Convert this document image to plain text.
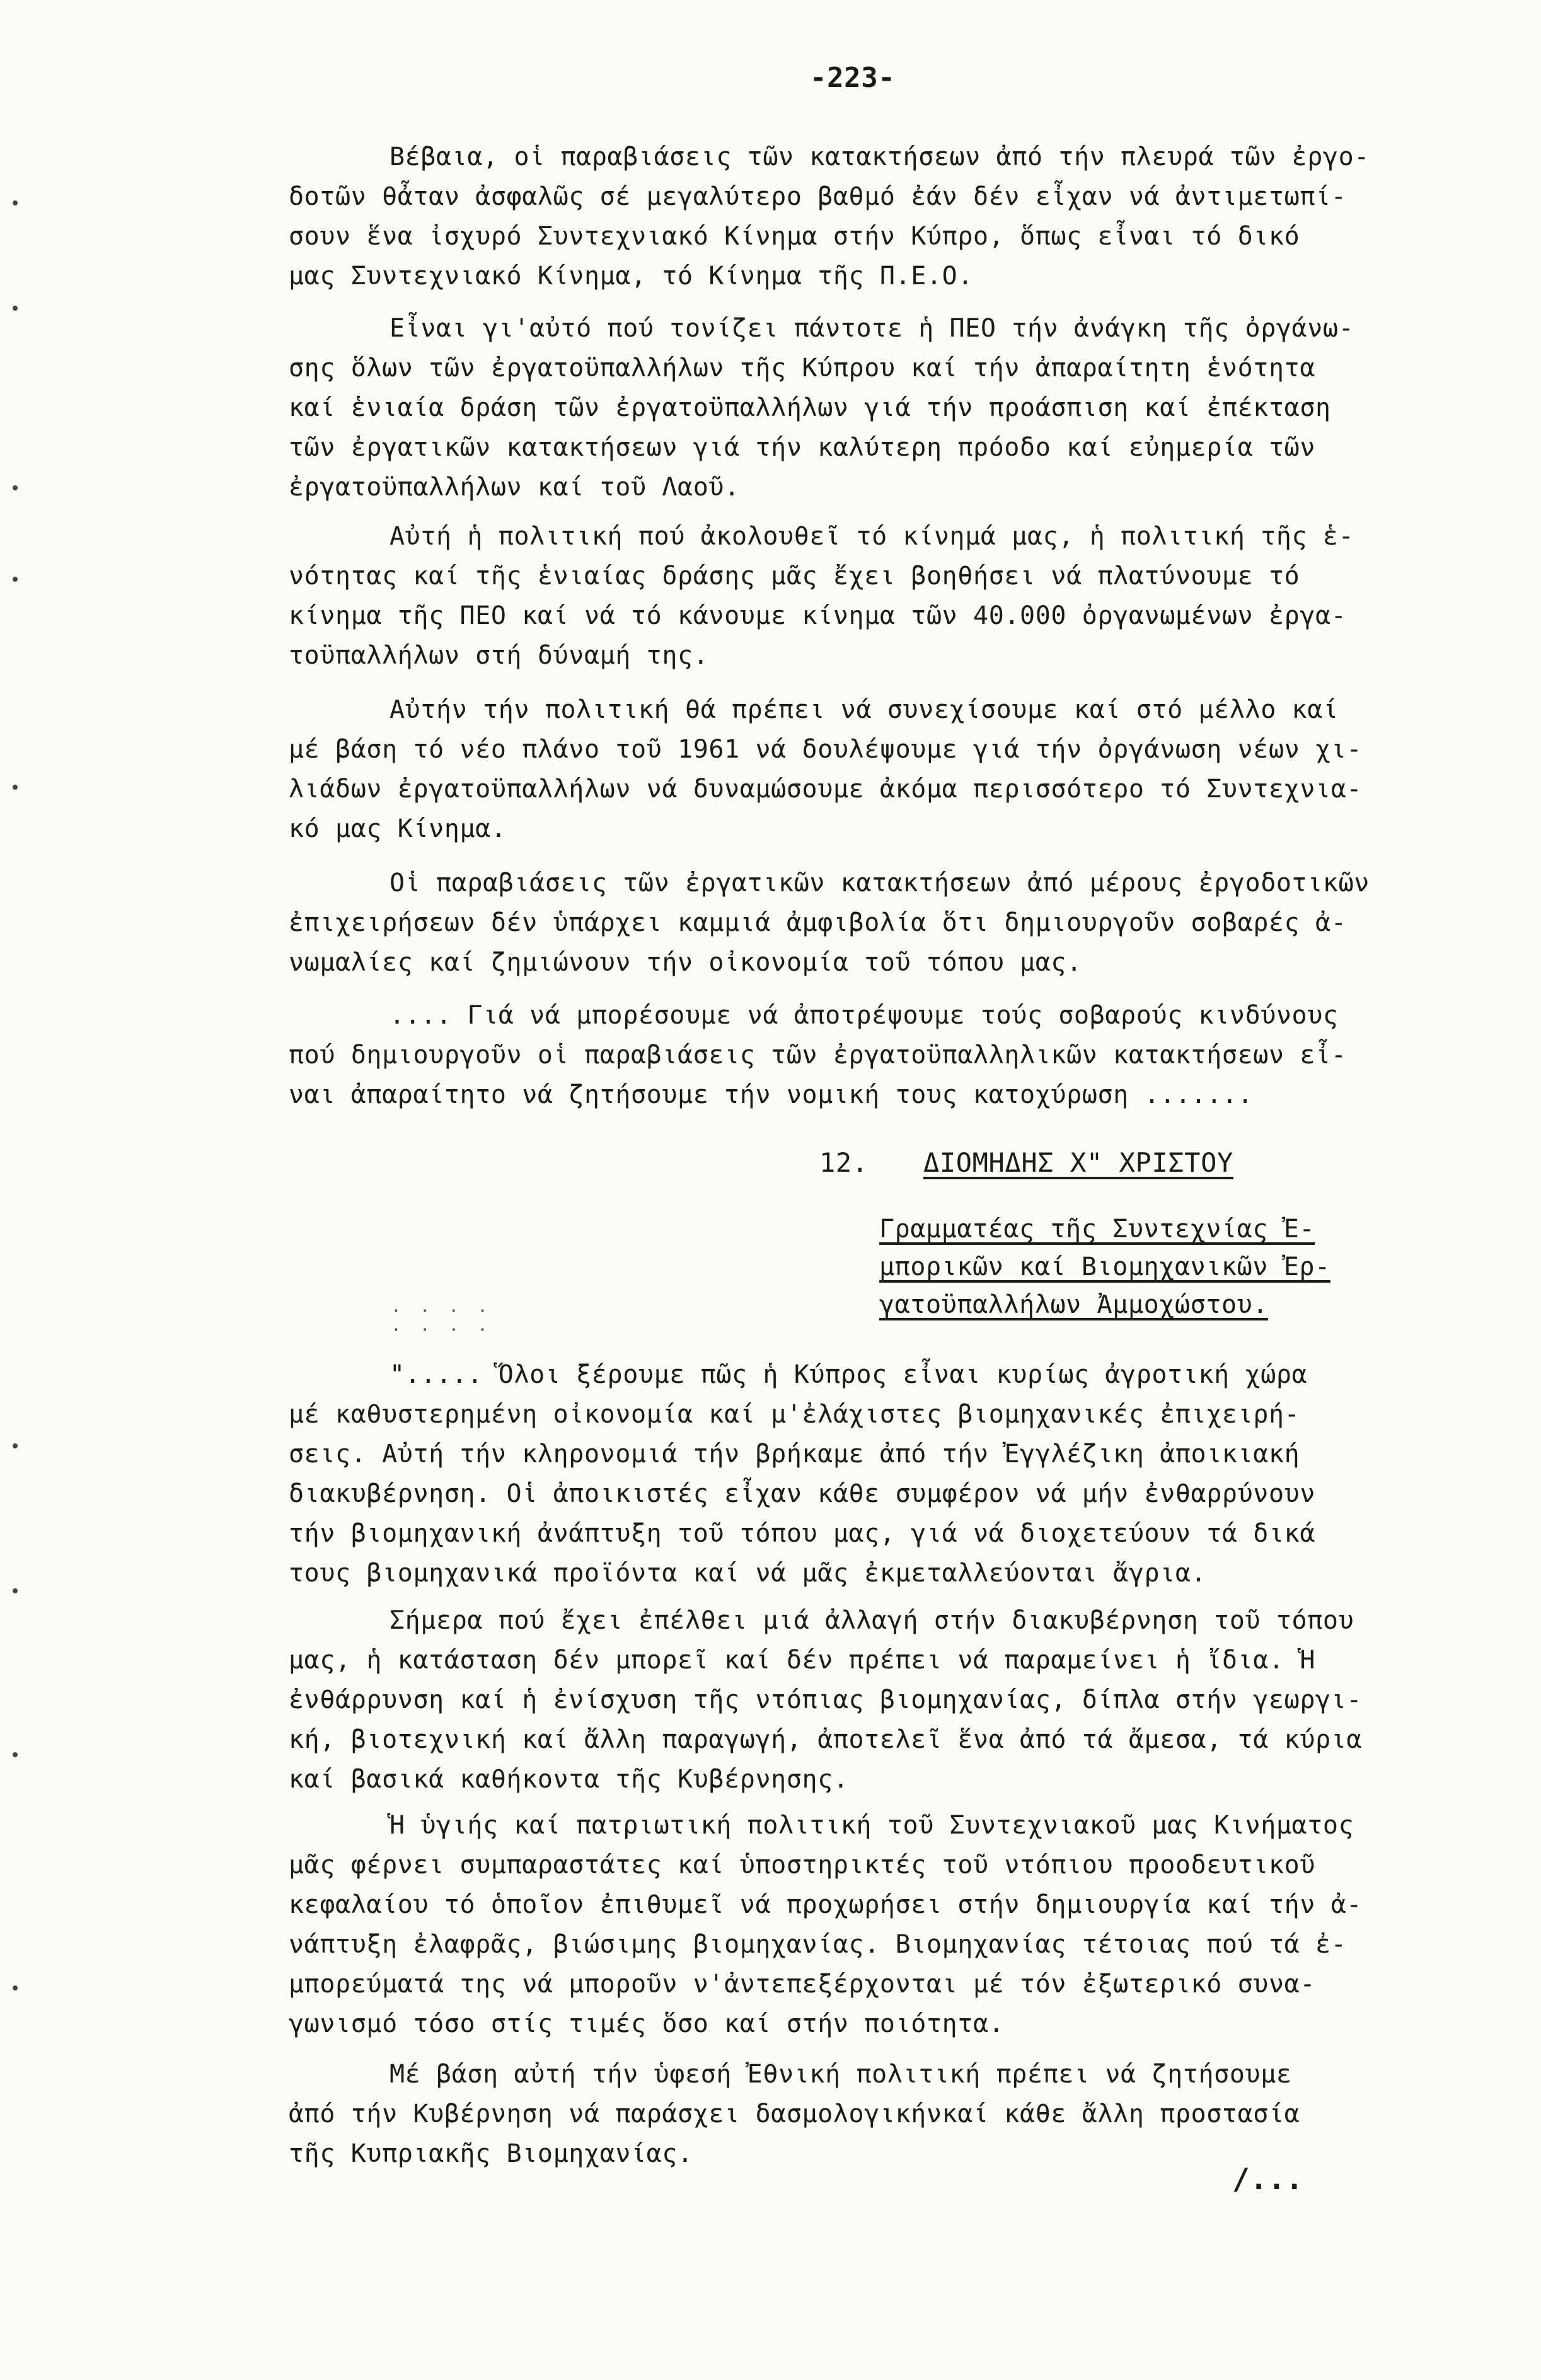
-223-

Βέβαια, οἱ παραβιάσεις τῶν κατακτήσεων ἀπό τήν πλευρά τῶν ἐργο-
δοτῶν θἆταν ἀσφαλῶς σέ μεγαλύτερο βαθμό ἐάν δέν εἶχαν νά ἀντιμετωπί-
σουν ἕνα ἰσχυρό Συντεχνιακό Κίνημα στήν Κύπρο, ὅπως εἶναι τό δικό
μας Συντεχνιακό Κίνημα, τό Κίνημα τῆς Π.Ε.Ο.

Εἶναι γι'αὐτό πού τονίζει πάντοτε ἡ ΠΕΟ τήν ἀνάγκη τῆς ὀργάνω-
σης ὅλων τῶν ἐργατοϋπαλλήλων τῆς Κύπρου καί τήν ἀπαραίτητη ἑνότητα
καί ἑνιαία δράση τῶν ἐργατοϋπαλλήλων γιά τήν προάσπιση καί ἐπέκταση
τῶν ἐργατικῶν κατακτήσεων γιά τήν καλύτερη πρόοδο καί εὐημερία τῶν
ἐργατοϋπαλλήλων καί τοῦ Λαοῦ.

Αὐτή ἡ πολιτική πού ἀκολουθεῖ τό κίνημά μας, ἡ πολιτική τῆς ἑ-
νότητας καί τῆς ἑνιαίας δράσης μᾶς ἔχει βοηθήσει νά πλατύνουμε τό
κίνημα τῆς ΠΕΟ καί νά τό κάνουμε κίνημα τῶν 40.000 ὀργανωμένων ἐργα-
τοϋπαλλήλων στή δύναμή της.

Αὐτήν τήν πολιτική θά πρέπει νά συνεχίσουμε καί στό μέλλο καί
μέ βάση τό νέο πλάνο τοῦ 1961 νά δουλέψουμε γιά τήν ὀργάνωση νέων χι-
λιάδων ἐργατοϋπαλλήλων νά δυναμώσουμε ἀκόμα περισσότερο τό Συντεχνια-
κό μας Κίνημα.

Οἱ παραβιάσεις τῶν ἐργατικῶν κατακτήσεων ἀπό μέρους ἐργοδοτικῶν
ἐπιχειρήσεων δέν ὑπάρχει καμμιά ἀμφιβολία ὅτι δημιουργοῦν σοβαρές ἀ-
νωμαλίες καί ζημιώνουν τήν οἰκονομία τοῦ τόπου μας.

.... Γιά νά μπορέσουμε νά ἀποτρέψουμε τούς σοβαρούς κινδύνους
πού δημιουργοῦν οἱ παραβιάσεις τῶν ἐργατοϋπαλληλικῶν κατακτήσεων εἶ-
ναι ἀπαραίτητο νά ζητήσουμε τήν νομική τους κατοχύρωση .......

12. ΔΙΟΜΗΔΗΣ Χ" ΧΡΙΣΤΟΥ
Γραμματέας τῆς Συντεχνίας Ἐ-
μπορικῶν καί Βιομηχανικῶν Ἐρ-
γατοϋπαλλήλων Ἀμμοχώστου.
· · · ·
· · · ·

"..... Ὅλοι ξέρουμε πῶς ἡ Κύπρος εἶναι κυρίως ἀγροτική χώρα
μέ καθυστερημένη οἰκονομία καί μ'ἐλάχιστες βιομηχανικές ἐπιχειρή-
σεις. Αὐτή τήν κληρονομιά τήν βρήκαμε ἀπό τήν Ἐγγλέζικη ἀποικιακή
διακυβέρνηση. Οἱ ἀποικιστές εἶχαν κάθε συμφέρον νά μήν ἐνθαρρύνουν
τήν βιομηχανική ἀνάπτυξη τοῦ τόπου μας, γιά νά διοχετεύουν τά δικά
τους βιομηχανικά προϊόντα καί νά μᾶς ἐκμεταλλεύονται ἄγρια.

Σήμερα πού ἔχει ἐπέλθει μιά ἀλλαγή στήν διακυβέρνηση τοῦ τόπου
μας, ἡ κατάσταση δέν μπορεῖ καί δέν πρέπει νά παραμείνει ἡ ἴδια. Ἡ
ἐνθάρρυνση καί ἡ ἐνίσχυση τῆς ντόπιας βιομηχανίας, δίπλα στήν γεωργι-
κή, βιοτεχνική καί ἄλλη παραγωγή, ἀποτελεῖ ἕνα ἀπό τά ἄμεσα, τά κύρια
καί βασικά καθήκοντα τῆς Κυβέρνησης.

Ἡ ὑγιής καί πατριωτική πολιτική τοῦ Συντεχνιακοῦ μας Κινήματος
μᾶς φέρνει συμπαραστάτες καί ὑποστηρικτές τοῦ ντόπιου προοδευτικοῦ
κεφαλαίου τό ὁποῖον ἐπιθυμεῖ νά προχωρήσει στήν δημιουργία καί τήν ἀ-
νάπτυξη ἐλαφρᾶς, βιώσιμης βιομηχανίας. Βιομηχανίας τέτοιας πού τά ἐ-
μπορεύματά της νά μποροῦν ν'ἀντεπεξέρχονται μέ τόν ἐξωτερικό συνα-
γωνισμό τόσο στίς τιμές ὅσο καί στήν ποιότητα.

Μέ βάση αὐτή τήν ὑφεσή Ἐθνική πολιτική πρέπει νά ζητήσουμε
ἀπό τήν Κυβέρνηση νά παράσχει δασμολογικήνκαί κάθε ἄλλη προστασία
τῆς Κυπριακῆς Βιομηχανίας.

/...
